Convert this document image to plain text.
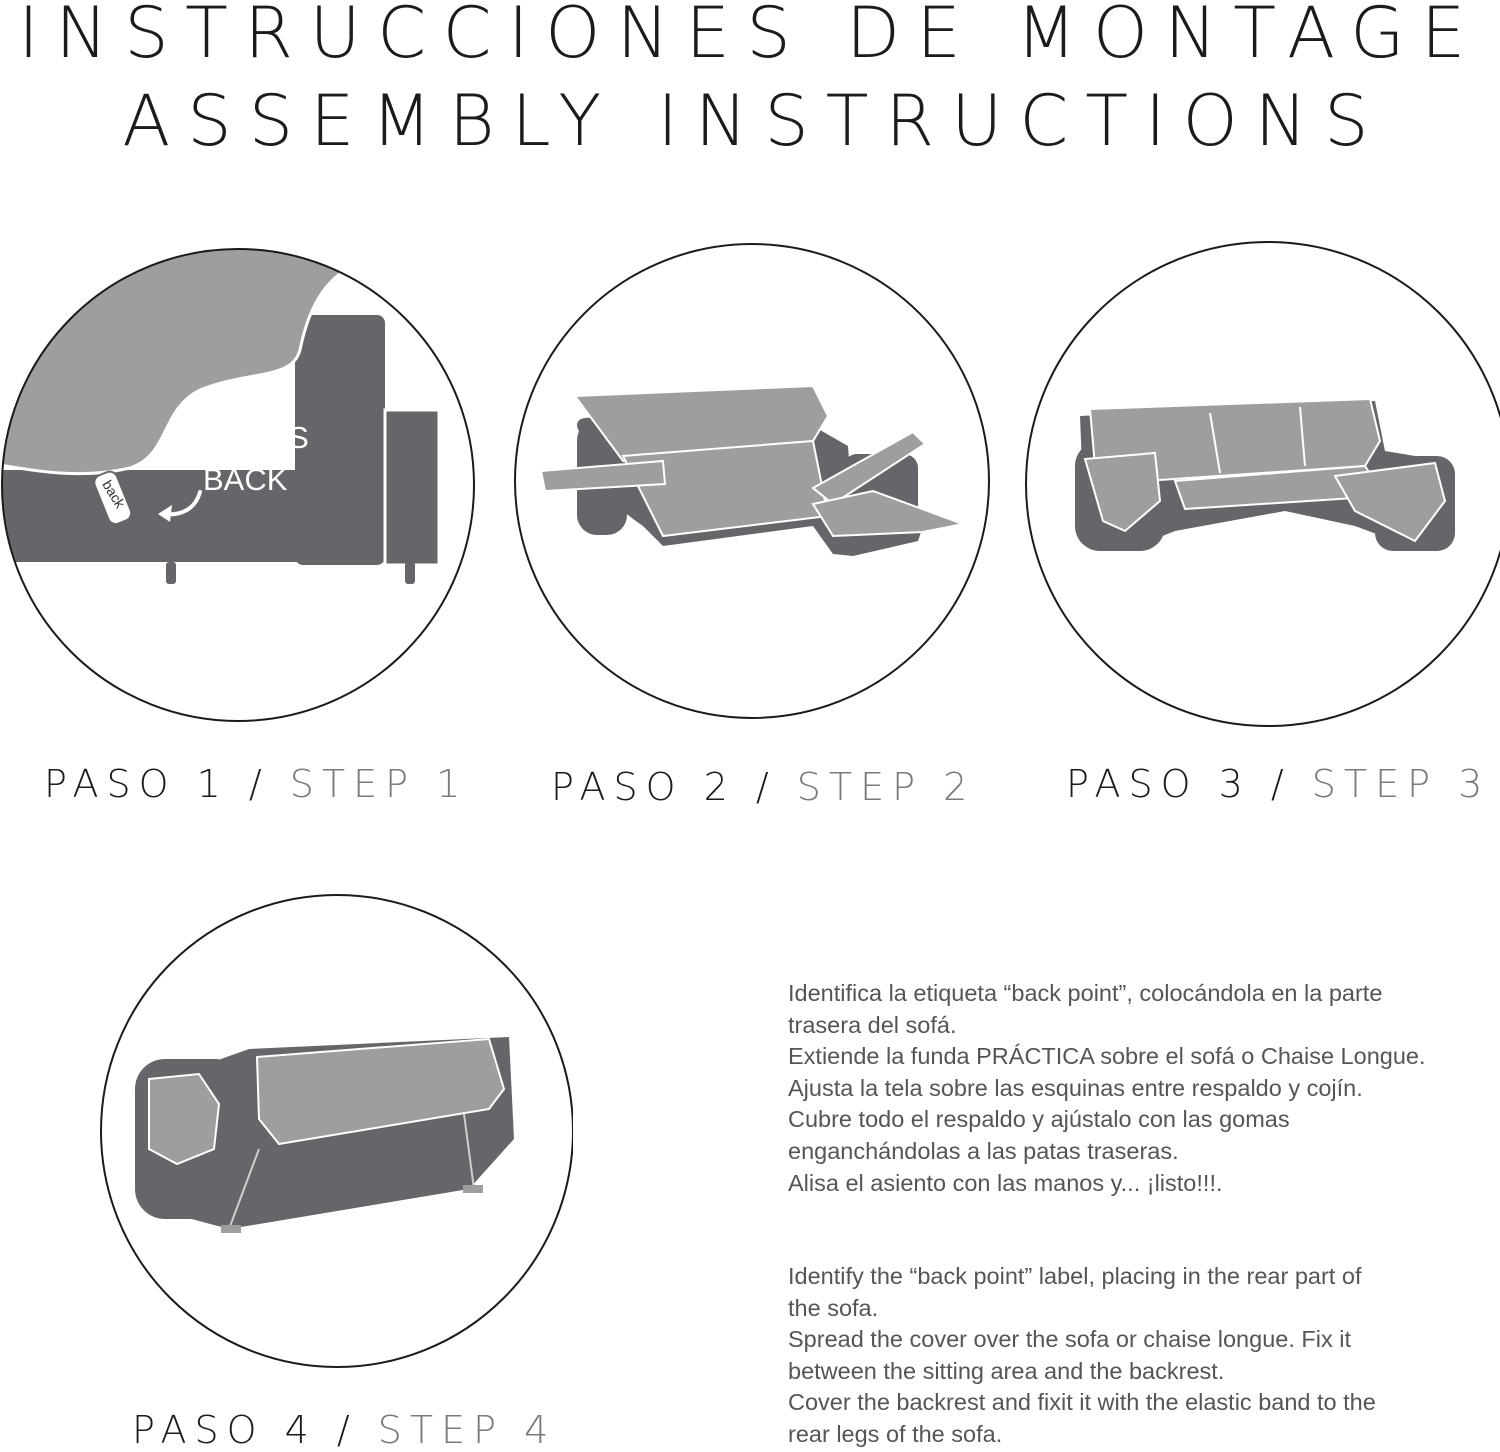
INSTRUCCIONES DE MONTAGE
ASSEMBLY INSTRUCTIONS
DETRÁS
BACK
back
PASO 1 / STEP 1 PASO 2 / STEP 2 PASO 3 / STEP 3
PASO 4 / STEP 4

Identifica la etiqueta “back point”, colocándola en la parte

trasera del sofá.

Extiende la funda PRÁCTICA sobre el sofá o Chaise Longue.

Ajusta la tela sobre las esquinas entre respaldo y cojín.

Cubre todo el respaldo y ajústalo con las gomas

enganchándolas a las patas traseras.

Alisa el asiento con las manos y... ¡listo!!!.

Identify the “back point” label, placing in the rear part of

the sofa.

Spread the cover over the sofa or chaise longue. Fix it

between the sitting area and the backrest.

Cover the backrest and fixit it with the elastic band to the

rear legs of the sofa.
